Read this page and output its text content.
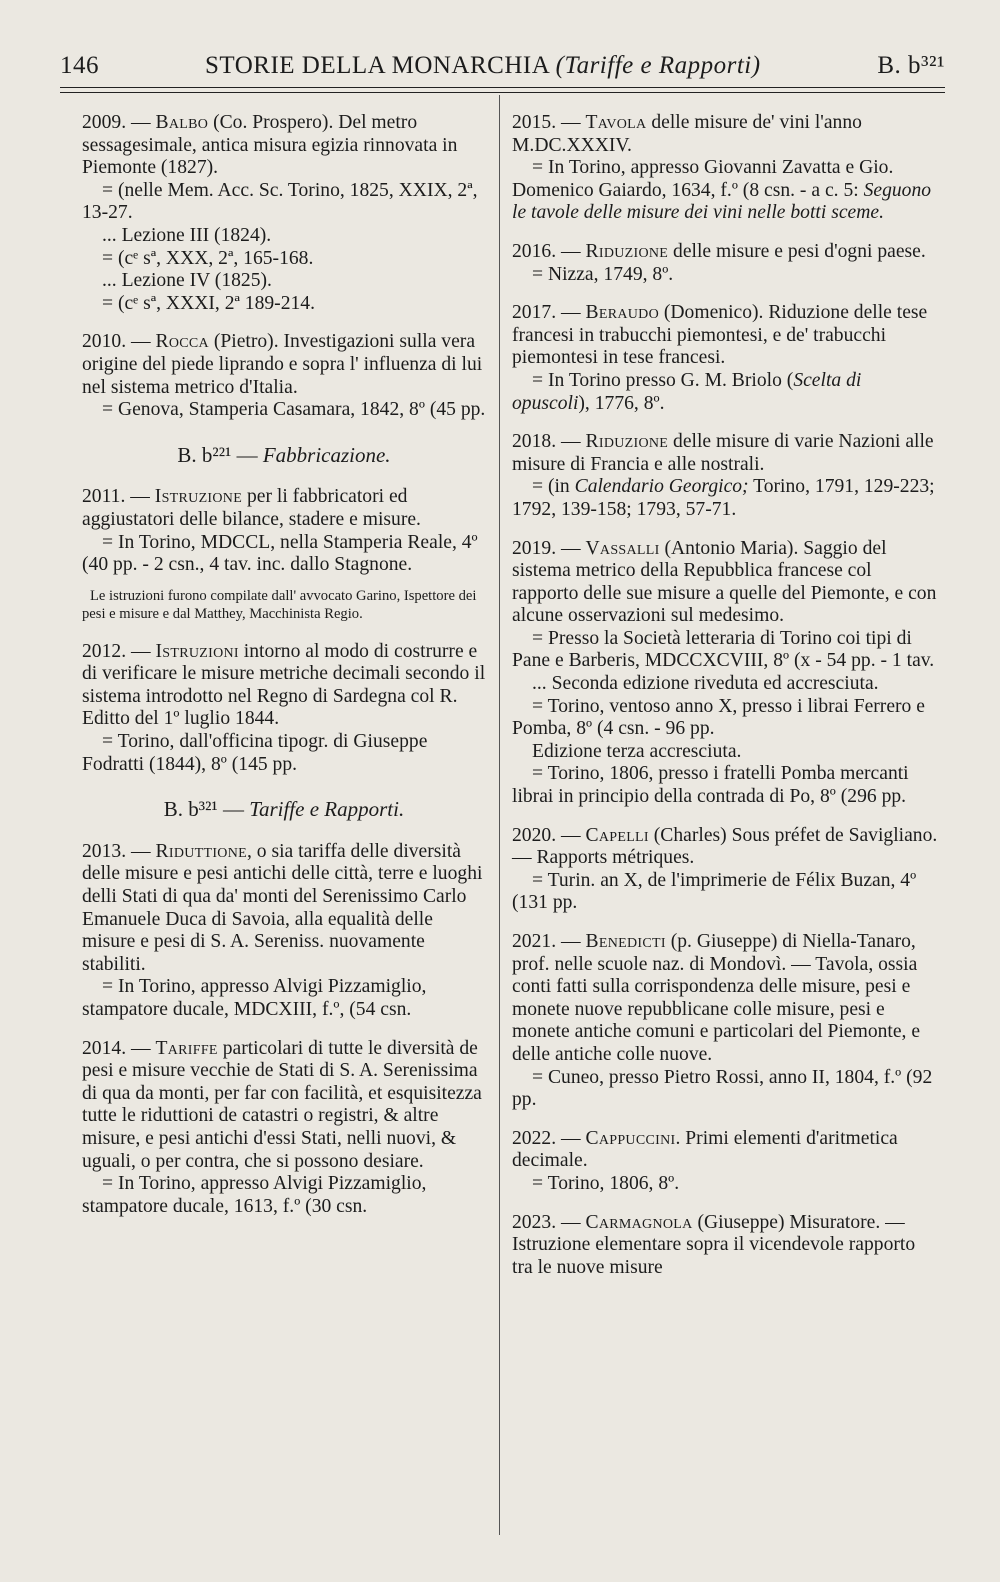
146	STORIE DELLA MONARCHIA (Tariffe e Rapporti)	B. b³²¹

2009. — Balbo (Co. Prospero). Del metro sessagesimale, antica misura egizia rinnovata in Piemonte (1827).

= (nelle Mem. Acc. Sc. Torino, 1825, XXIX, 2ª, 13-27.

... Lezione III (1824).

= (cᵉ sª, XXX, 2ª, 165-168.

... Lezione IV (1825).

= (cᵉ sª, XXXI, 2ª 189-214.

2010. — Rocca (Pietro). Investigazioni sulla vera origine del piede liprando e sopra l' influenza di lui nel sistema metrico d'Italia.

= Genova, Stamperia Casamara, 1842, 8º (45 pp.

B. b²²¹ — Fabbricazione.

2011. — Istruzione per li fabbricatori ed aggiustatori delle bilance, stadere e misure.

= In Torino, MDCCL, nella Stamperia Reale, 4º (40 pp. - 2 csn., 4 tav. inc. dallo Stagnone.

Le istruzioni furono compilate dall' avvocato Garino, Ispettore dei pesi e misure e dal Matthey, Macchinista Regio.

2012. — Istruzioni intorno al modo di costrurre e di verificare le misure metriche decimali secondo il sistema introdotto nel Regno di Sardegna col R. Editto del 1º luglio 1844.

= Torino, dall'officina tipogr. di Giuseppe Fodratti (1844), 8º (145 pp.

B. b³²¹ — Tariffe e Rapporti.

2013. — Riduttione, o sia tariffa delle diversità delle misure e pesi antichi delle città, terre e luoghi delli Stati di qua da' monti del Serenissimo Carlo Emanuele Duca di Savoia, alla equalità delle misure e pesi di S. A. Sereniss. nuovamente stabiliti.

= In Torino, appresso Alvigi Pizzamiglio, stampatore ducale, MDCXIII, f.º, (54 csn.

2014. — Tariffe particolari di tutte le diversità de pesi e misure vecchie de Stati di S. A. Serenissima di qua da monti, per far con facilità, et esquisitezza tutte le riduttioni de catastri o registri, & altre misure, e pesi antichi d'essi Stati, nelli nuovi, & uguali, o per contra, che si possono desiare.

= In Torino, appresso Alvigi Pizzamiglio, stampatore ducale, 1613, f.º (30 csn.

2015. — Tavola delle misure de' vini l'anno M.DC.XXXIV.

= In Torino, appresso Giovanni Zavatta e Gio. Domenico Gaiardo, 1634, f.º (8 csn. - a c. 5: Seguono le tavole delle misure dei vini nelle botti sceme.

2016. — Riduzione delle misure e pesi d'ogni paese.

= Nizza, 1749, 8º.

2017. — Beraudo (Domenico). Riduzione delle tese francesi in trabucchi piemontesi, e de' trabucchi piemontesi in tese francesi.

= In Torino presso G. M. Briolo (Scelta di opuscoli), 1776, 8º.

2018. — Riduzione delle misure di varie Nazioni alle misure di Francia e alle nostrali.

= (in Calendario Georgico; Torino, 1791, 129-223; 1792, 139-158; 1793, 57-71.

2019. — Vassalli (Antonio Maria). Saggio del sistema metrico della Repubblica francese col rapporto delle sue misure a quelle del Piemonte, e con alcune osservazioni sul medesimo.

= Presso la Società letteraria di Torino coi tipi di Pane e Barberis, MDCCXCVIII, 8º (x - 54 pp. - 1 tav.

... Seconda edizione riveduta ed accresciuta.

= Torino, ventoso anno X, presso i librai Ferrero e Pomba, 8º (4 csn. - 96 pp.

Edizione terza accresciuta.

= Torino, 1806, presso i fratelli Pomba mercanti librai in principio della contrada di Po, 8º (296 pp.

2020. — Capelli (Charles) Sous préfet de Savigliano. — Rapports métriques.

= Turin. an X, de l'imprimerie de Félix Buzan, 4º (131 pp.

2021. — Benedicti (p. Giuseppe) di Niella-Tanaro, prof. nelle scuole naz. di Mondovì. — Tavola, ossia conti fatti sulla corrispondenza delle misure, pesi e monete nuove repubblicane colle misure, pesi e monete antiche comuni e particolari del Piemonte, e delle antiche colle nuove.

= Cuneo, presso Pietro Rossi, anno II, 1804, f.º (92 pp.

2022. — Cappuccini. Primi elementi d'aritmetica decimale.

= Torino, 1806, 8º.

2023. — Carmagnola (Giuseppe) Misuratore. — Istruzione elementare sopra il vicendevole rapporto tra le nuove misure
